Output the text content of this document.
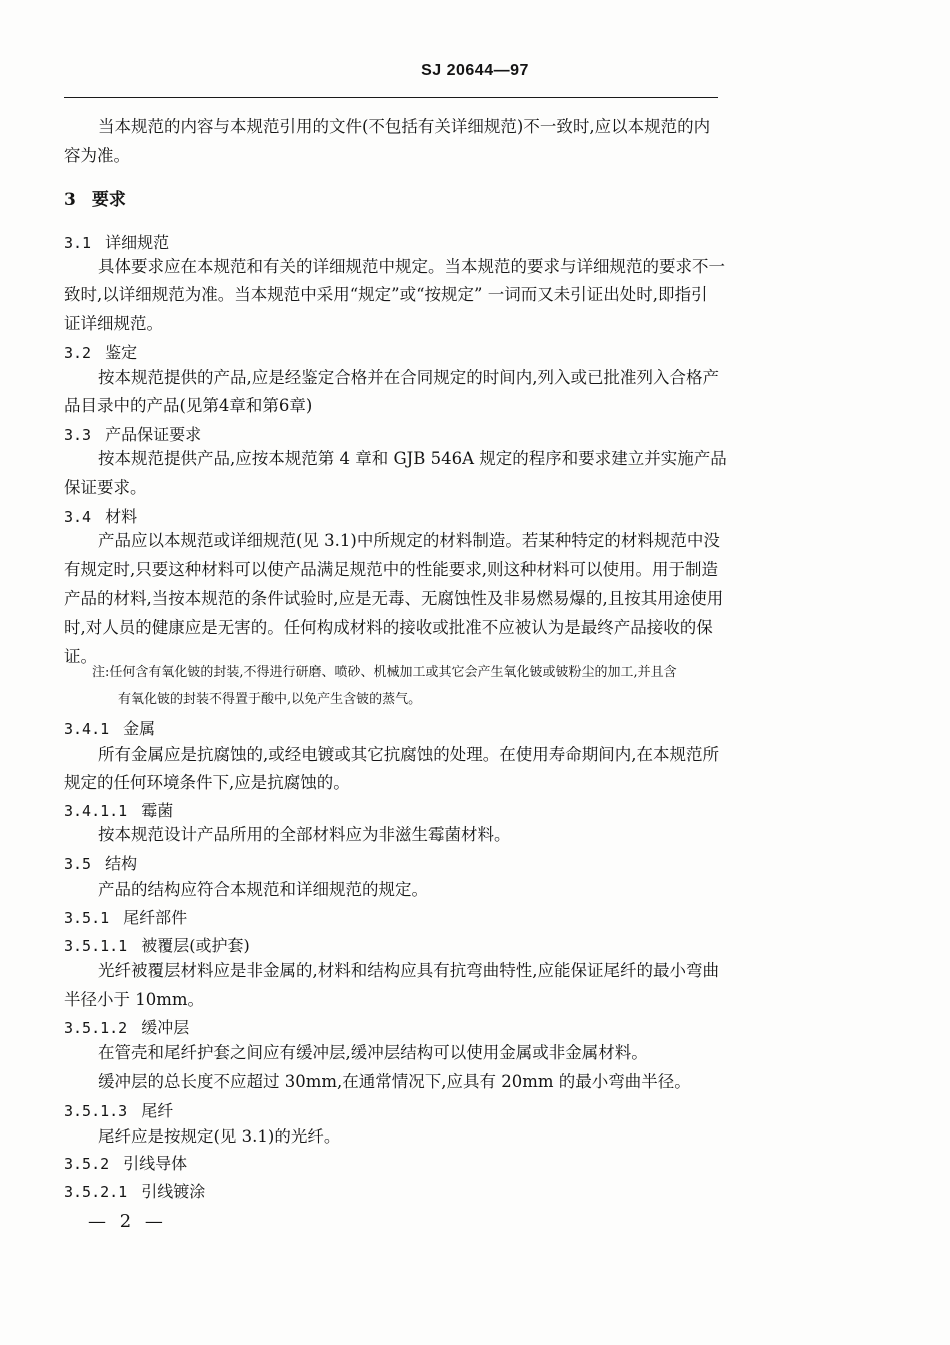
SJ 20644—97
当本规范的内容与本规范引用的文件(不包括有关详细规范)不一致时,应以本规范的内
容为准。
3 要求
3.1 详细规范
具体要求应在本规范和有关的详细规范中规定。当本规范的要求与详细规范的要求不一
致时,以详细规范为准。当本规范中采用“规定”或“按规定” 一词而又未引证出处时,即指引
证详细规范。
3.2 鉴定
按本规范提供的产品,应是经鉴定合格并在合同规定的时间内,列入或已批准列入合格产
品目录中的产品(见第4章和第6章)
3.3 产品保证要求
按本规范提供产品,应按本规范第 4 章和 GJB 546A 规定的程序和要求建立并实施产品
保证要求。
3.4 材料
产品应以本规范或详细规范(见 3.1)中所规定的材料制造。若某种特定的材料规范中没
有规定时,只要这种材料可以使产品满足规范中的性能要求,则这种材料可以使用。用于制造
产品的材料,当按本规范的条件试验时,应是无毒、无腐蚀性及非易燃易爆的,且按其用途使用
时,对人员的健康应是无害的。任何构成材料的接收或批准不应被认为是最终产品接收的保
证。
注:任何含有氧化铍的封装,不得进行研磨、喷砂、机械加工或其它会产生氧化铍或铍粉尘的加工,并且含
有氧化铍的封装不得置于酸中,以免产生含铍的蒸气。
3.4.1 金属
所有金属应是抗腐蚀的,或经电镀或其它抗腐蚀的处理。在使用寿命期间内,在本规范所
规定的任何环境条件下,应是抗腐蚀的。
3.4.1.1 霉菌
按本规范设计产品所用的全部材料应为非滋生霉菌材料。
3.5 结构
产品的结构应符合本规范和详细规范的规定。
3.5.1 尾纤部件
3.5.1.1 被覆层(或护套)
光纤被覆层材料应是非金属的,材料和结构应具有抗弯曲特性,应能保证尾纤的最小弯曲
半径小于 10mm。
3.5.1.2 缓冲层
在管壳和尾纤护套之间应有缓冲层,缓冲层结构可以使用金属或非金属材料。
缓冲层的总长度不应超过 30mm,在通常情况下,应具有 20mm 的最小弯曲半径。
3.5.1.3 尾纤
尾纤应是按规定(见 3.1)的光纤。
3.5.2 引线导体
3.5.2.1 引线镀涂
— 2 —
